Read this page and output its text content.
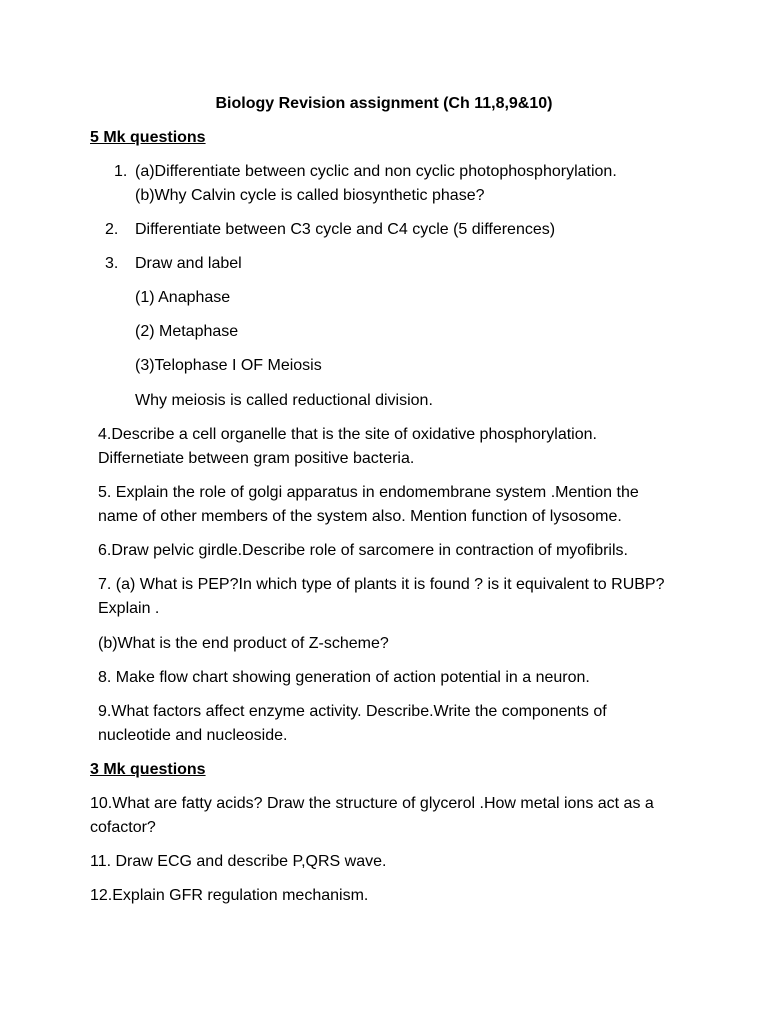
Biology Revision assignment (Ch 11,8,9&10)

5 Mk questions

1. (a)Differentiate between cyclic and non cyclic photophosphorylation.

(b)Why Calvin cycle is called biosynthetic phase?

2. Differentiate between C3 cycle and C4 cycle (5 differences)

3. Draw and label

(1) Anaphase

(2) Metaphase

(3)Telophase I OF Meiosis

Why meiosis is called reductional division.

4.Describe a cell organelle that is the site of oxidative phosphorylation.

Differnetiate between gram positive bacteria.

5. Explain the role of golgi apparatus in endomembrane system .Mention the

name of other members of the system also. Mention function of lysosome.

6.Draw pelvic girdle.Describe role of sarcomere in contraction of myofibrils.

7. (a) What is PEP?In which type of plants it is found ? is it equivalent to RUBP?

Explain .

(b)What is the end product of Z-scheme?

8. Make flow chart showing generation of action potential in a neuron.

9.What factors affect enzyme activity. Describe.Write the components of

nucleotide and nucleoside.

3 Mk questions

10.What are fatty acids? Draw the structure of glycerol .How metal ions act as a

cofactor?

11. Draw ECG and describe P,QRS wave.

12.Explain GFR regulation mechanism.
